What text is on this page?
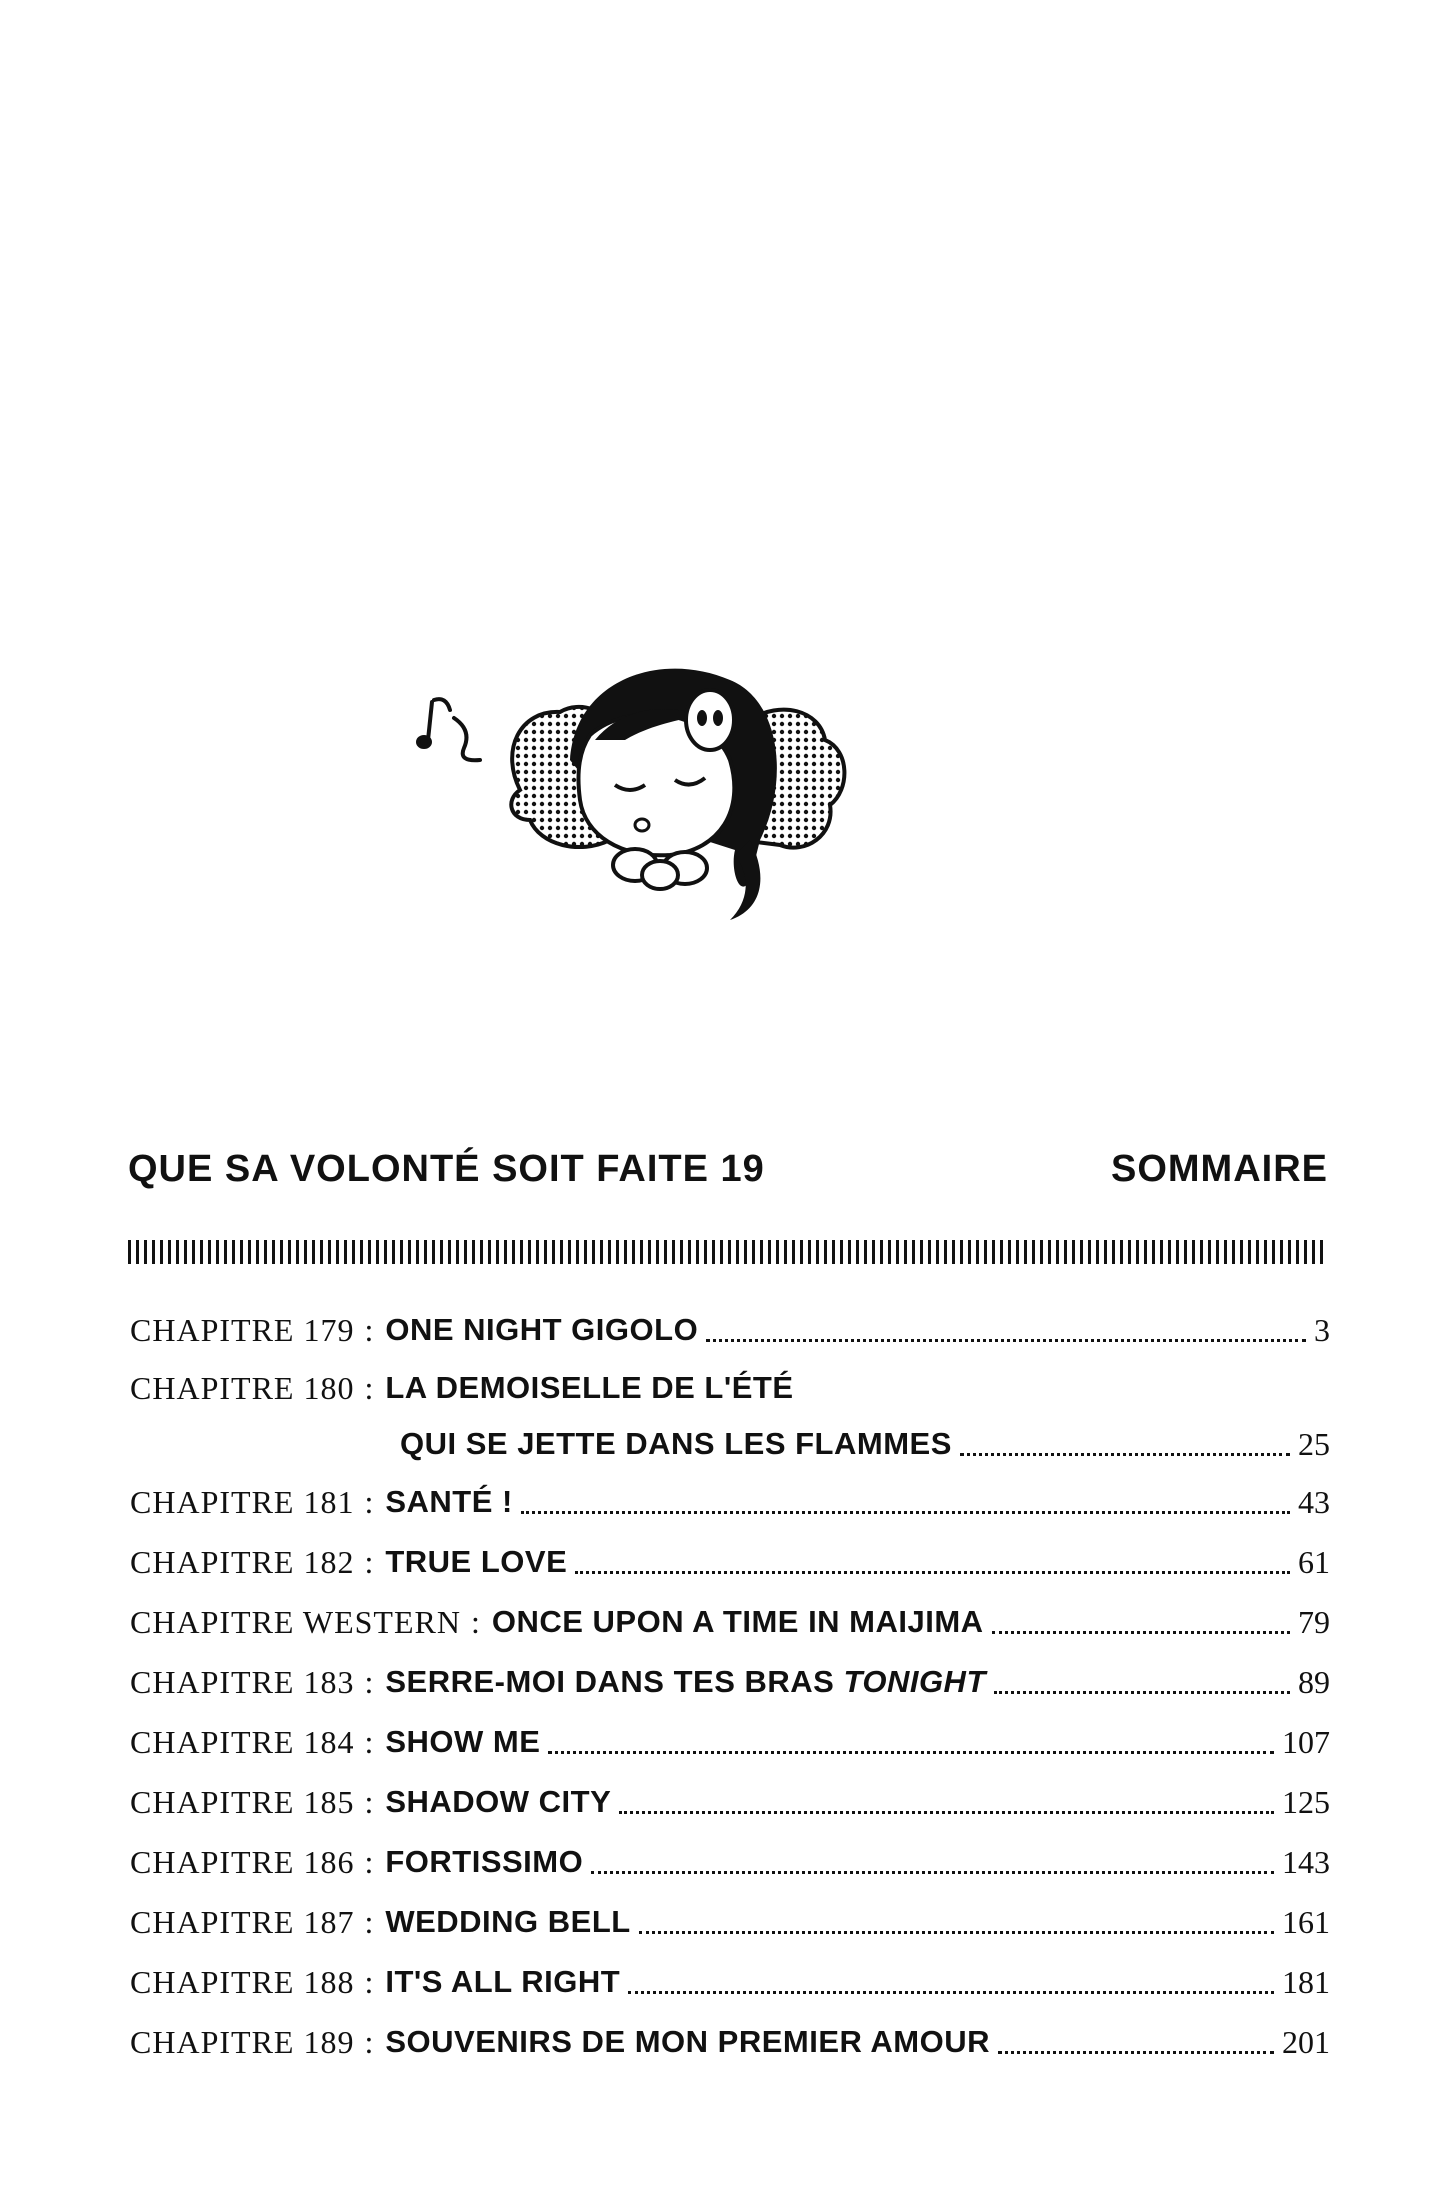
QUE SA VOLONTÉ SOIT FAITE 19	SOMMAIRE
CHAPITRE 179 : ONE NIGHT GIGOLO	3
CHAPITRE 180 : LA DEMOISELLE DE L'ÉTÉ
QUI SE JETTE DANS LES FLAMMES	25
CHAPITRE 181 : SANTÉ !	43
CHAPITRE 182 : TRUE LOVE	61
CHAPITRE WESTERN : ONCE UPON A TIME IN MAIJIMA	79
CHAPITRE 183 : SERRE-MOI DANS TES BRAS TONIGHT	89
CHAPITRE 184 : SHOW ME	107
CHAPITRE 185 : SHADOW CITY	125
CHAPITRE 186 : FORTISSIMO	143
CHAPITRE 187 : WEDDING BELL	161
CHAPITRE 188 : IT'S ALL RIGHT	181
CHAPITRE 189 : SOUVENIRS DE MON PREMIER AMOUR	201
